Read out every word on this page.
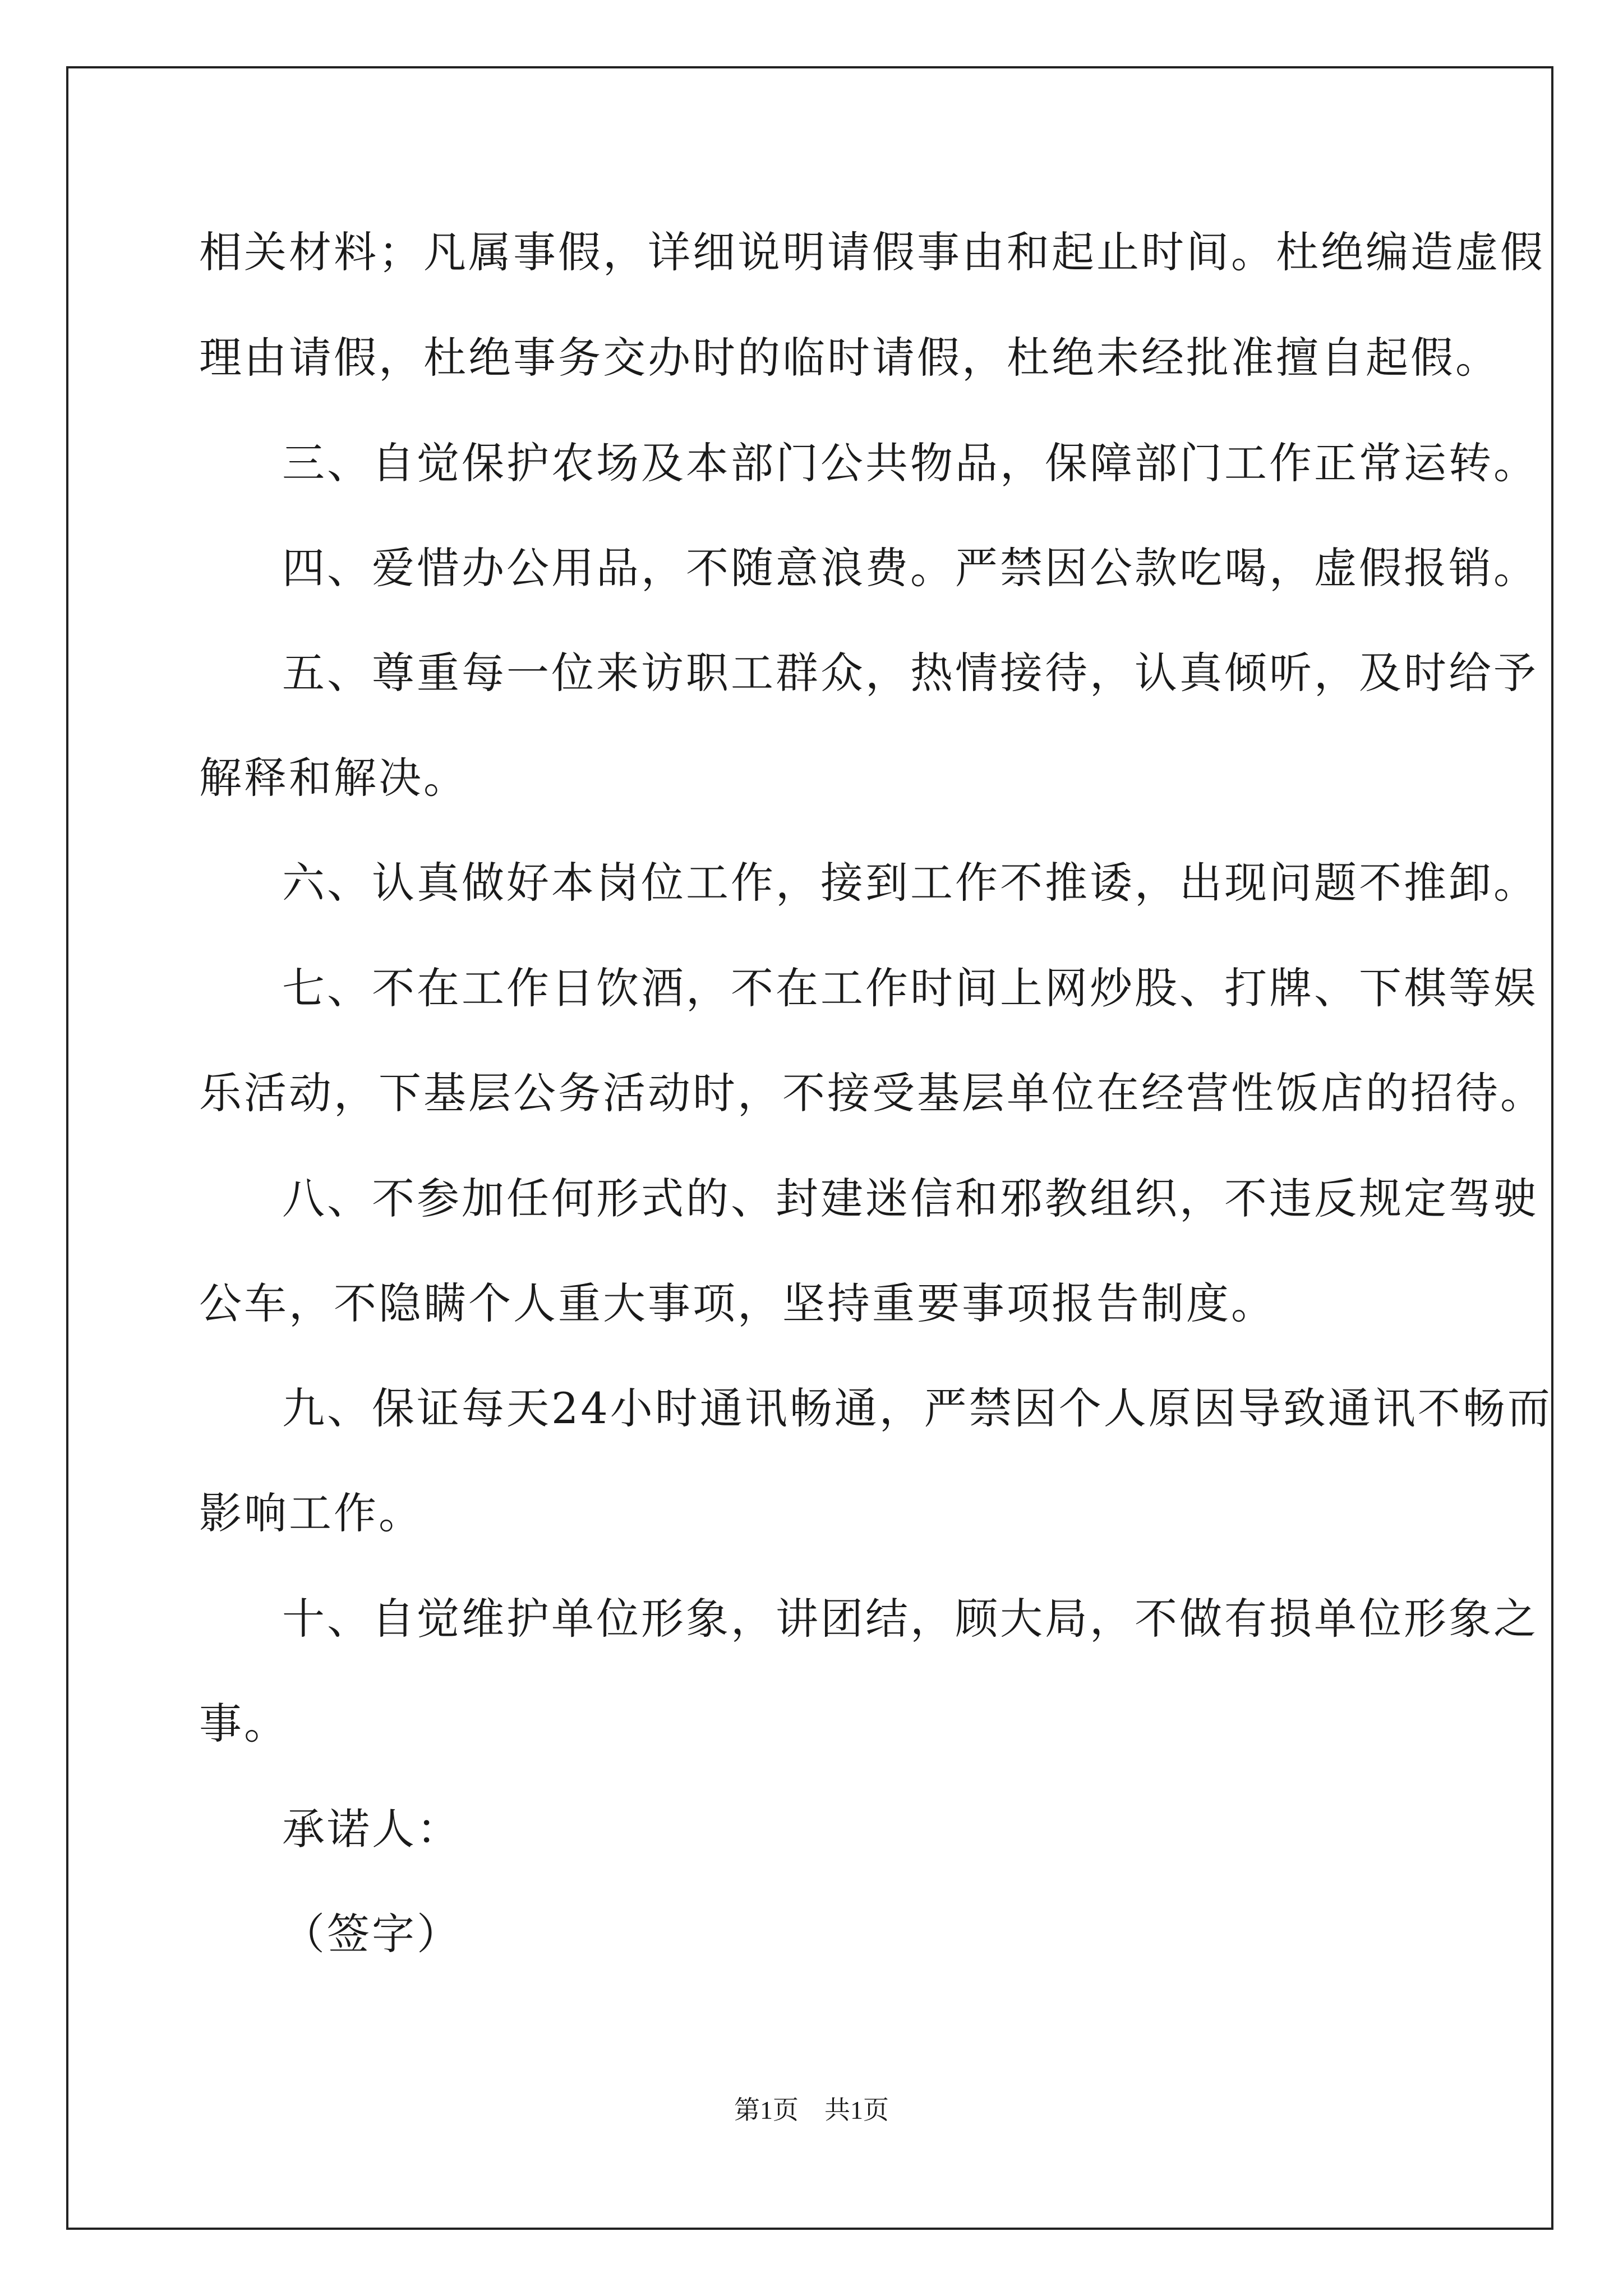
相关材料；凡属事假，详细说明请假事由和起止时间。杜绝编造虚假
理由请假，杜绝事务交办时的临时请假，杜绝未经批准擅自起假。
三、自觉保护农场及本部门公共物品，保障部门工作正常运转。
四、爱惜办公用品，不随意浪费。严禁因公款吃喝，虚假报销。
五、尊重每一位来访职工群众，热情接待，认真倾听，及时给予
解释和解决。
六、认真做好本岗位工作，接到工作不推诿，出现问题不推卸。
七、不在工作日饮酒，不在工作时间上网炒股、打牌、下棋等娱
乐活动，下基层公务活动时，不接受基层单位在经营性饭店的招待。
八、不参加任何形式的、封建迷信和邪教组织，不违反规定驾驶
公车，不隐瞒个人重大事项，坚持重要事项报告制度。
九、保证每天24小时通讯畅通，严禁因个人原因导致通讯不畅而
影响工作。
十、自觉维护单位形象，讲团结，顾大局，不做有损单位形象之
事。
承诺人：
（签字）
第1页 共1页
